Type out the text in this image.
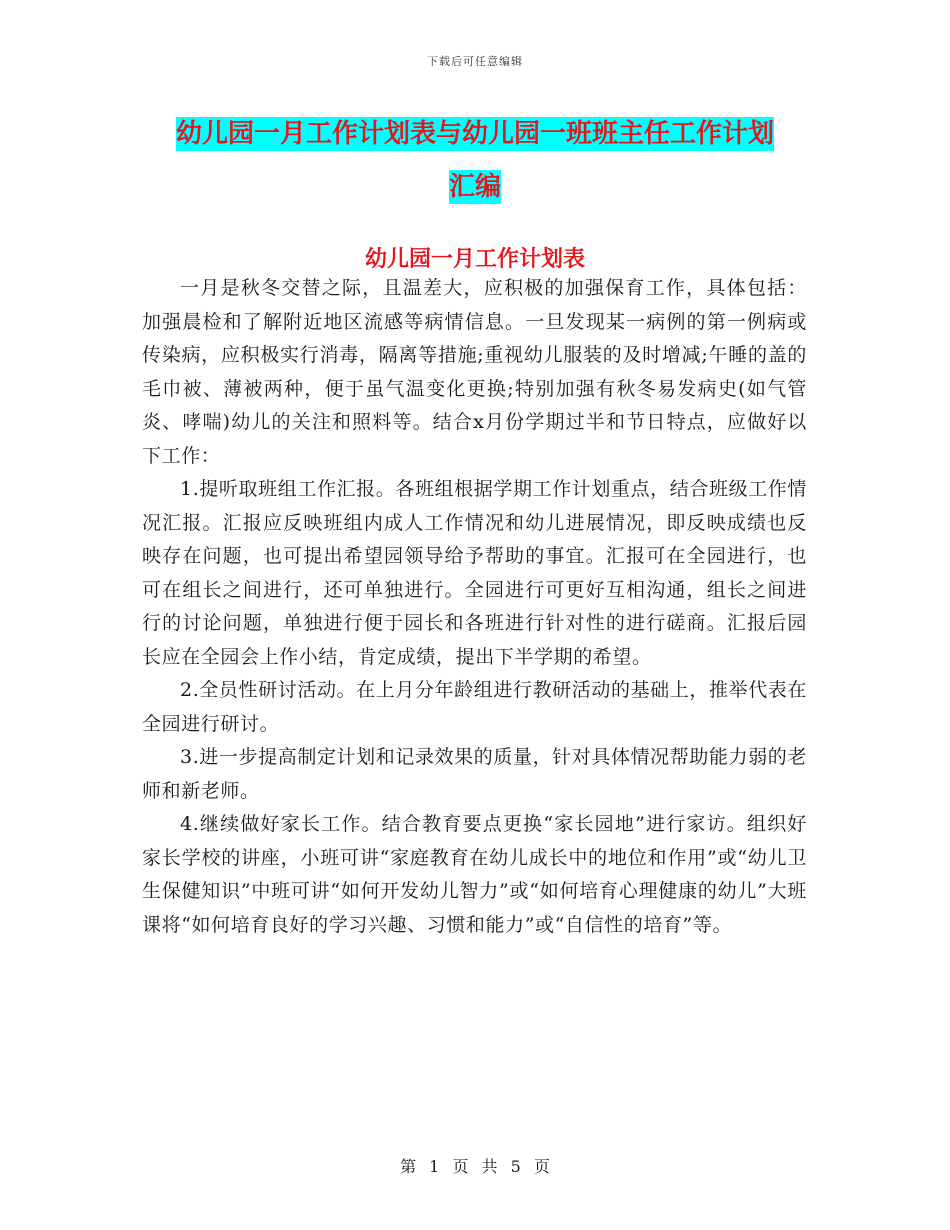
下载后可任意编辑
幼儿园一月工作计划表与幼儿园一班班主任工作计划
汇编
幼儿园一月工作计划表

一月是秋冬交替之际，且温差大，应积极的加强保育工作，具体包括：加强晨检和了解附近地区流感等病情信息。一旦发现某一病例的第一例病或传染病，应积极实行消毒，隔离等措施;重视幼儿服装的及时增减;午睡的盖的毛巾被、薄被两种，便于虽气温变化更换;特别加强有秋冬易发病史(如气管炎、哮喘)幼儿的关注和照料等。结合x月份学期过半和节日特点，应做好以下工作：

1.提听取班组工作汇报。各班组根据学期工作计划重点，结合班级工作情况汇报。汇报应反映班组内成人工作情况和幼儿进展情况，即反映成绩也反映存在问题，也可提出希望园领导给予帮助的事宜。汇报可在全园进行，也可在组长之间进行，还可单独进行。全园进行可更好互相沟通，组长之间进行的讨论问题，单独进行便于园长和各班进行针对性的进行磋商。汇报后园长应在全园会上作小结，肯定成绩，提出下半学期的希望。

2.全员性研讨活动。在上月分年龄组进行教研活动的基础上，推举代表在全园进行研讨。

3.进一步提高制定计划和记录效果的质量，针对具体情况帮助能力弱的老师和新老师。

4.继续做好家长工作。结合教育要点更换“家长园地”进行家访。组织好家长学校的讲座，小班可讲“家庭教育在幼儿成长中的地位和作用”或“幼儿卫生保健知识”中班可讲“如何开发幼儿智力”或“如何培育心理健康的幼儿”大班课将“如何培育良好的学习兴趣、习惯和能力”或“自信性的培育”等。

第 1 页 共 5 页
